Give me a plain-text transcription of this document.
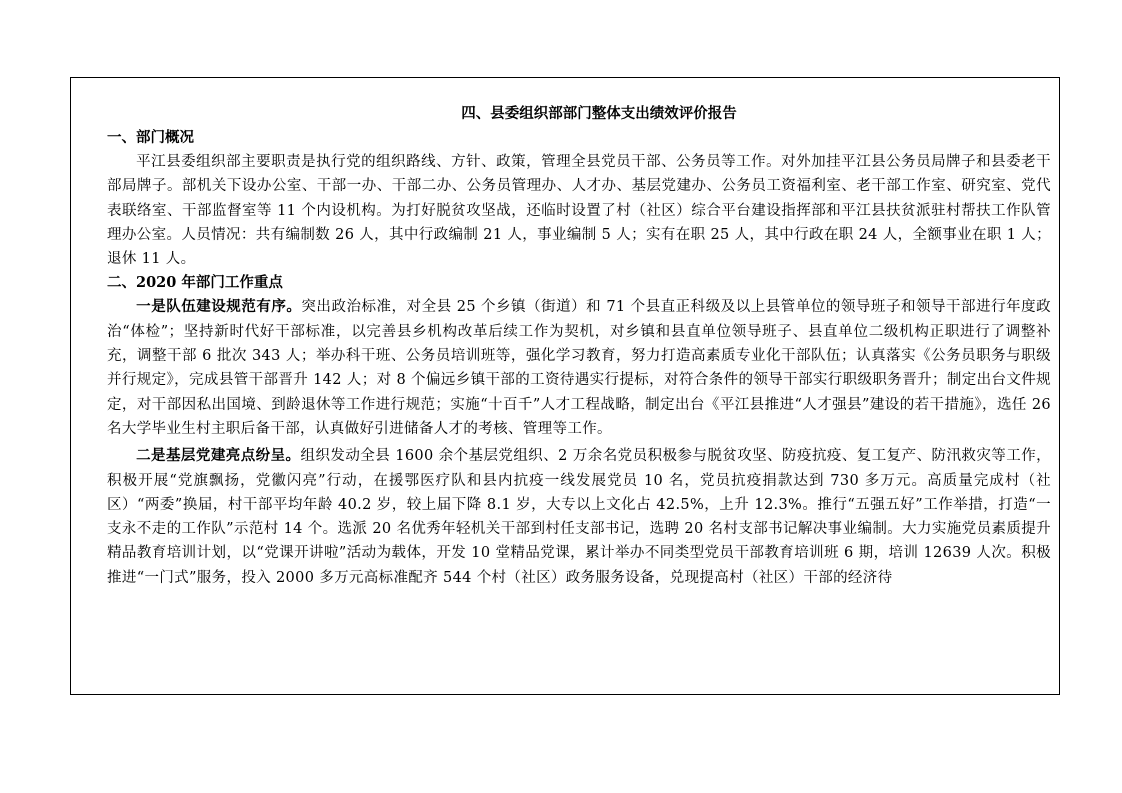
四、县委组织部部门整体支出绩效评价报告
一、部门概况

平江县委组织部主要职责是执行党的组织路线、方针、政策，管理全县党员干部、公务员等工作。对外加挂平江县公务员局牌子和县委老干部局牌子。部机关下设办公室、干部一办、干部二办、公务员管理办、人才办、基层党建办、公务员工资福利室、老干部工作室、研究室、党代表联络室、干部监督室等 11 个内设机构。为打好脱贫攻坚战，还临时设置了村（社区）综合平台建设指挥部和平江县扶贫派驻村帮扶工作队管理办公室。人员情况：共有编制数 26 人，其中行政编制 21 人，事业编制 5 人；实有在职 25 人，其中行政在职 24 人，全额事业在职 1 人；退休 11 人。

二、2020 年部门工作重点

一是队伍建设规范有序。突出政治标准，对全县 25 个乡镇（街道）和 71 个县直正科级及以上县管单位的领导班子和领导干部进行年度政治“体检”；坚持新时代好干部标准，以完善县乡机构改革后续工作为契机，对乡镇和县直单位领导班子、县直单位二级机构正职进行了调整补充，调整干部 6 批次 343 人；举办科干班、公务员培训班等，强化学习教育，努力打造高素质专业化干部队伍；认真落实《公务员职务与职级并行规定》，完成县管干部晋升 142 人；对 8 个偏远乡镇干部的工资待遇实行提标，对符合条件的领导干部实行职级职务晋升；制定出台文件规定，对干部因私出国境、到龄退休等工作进行规范；实施“十百千”人才工程战略，制定出台《平江县推进“人才强县”建设的若干措施》，选任 26 名大学毕业生村主职后备干部，认真做好引进储备人才的考核、管理等工作。

二是基层党建亮点纷呈。组织发动全县 1600 余个基层党组织、2 万余名党员积极参与脱贫攻坚、防疫抗疫、复工复产、防汛救灾等工作，积极开展“党旗飘扬，党徽闪亮”行动，在援鄂医疗队和县内抗疫一线发展党员 10 名，党员抗疫捐款达到 730 多万元。高质量完成村（社区）“两委”换届，村干部平均年龄 40.2 岁，较上届下降 8.1 岁，大专以上文化占 42.5%，上升 12.3%。推行“五强五好”工作举措，打造“一支永不走的工作队”示范村 14 个。选派 20 名优秀年轻机关干部到村任支部书记，选聘 20 名村支部书记解决事业编制。大力实施党员素质提升精品教育培训计划，以“党课开讲啦”活动为载体，开发 10 堂精品党课，累计举办不同类型党员干部教育培训班 6 期，培训 12639 人次。积极推进“一门式”服务，投入 2000 多万元高标准配齐 544 个村（社区）政务服务设备，兑现提高村（社区）干部的经济待
